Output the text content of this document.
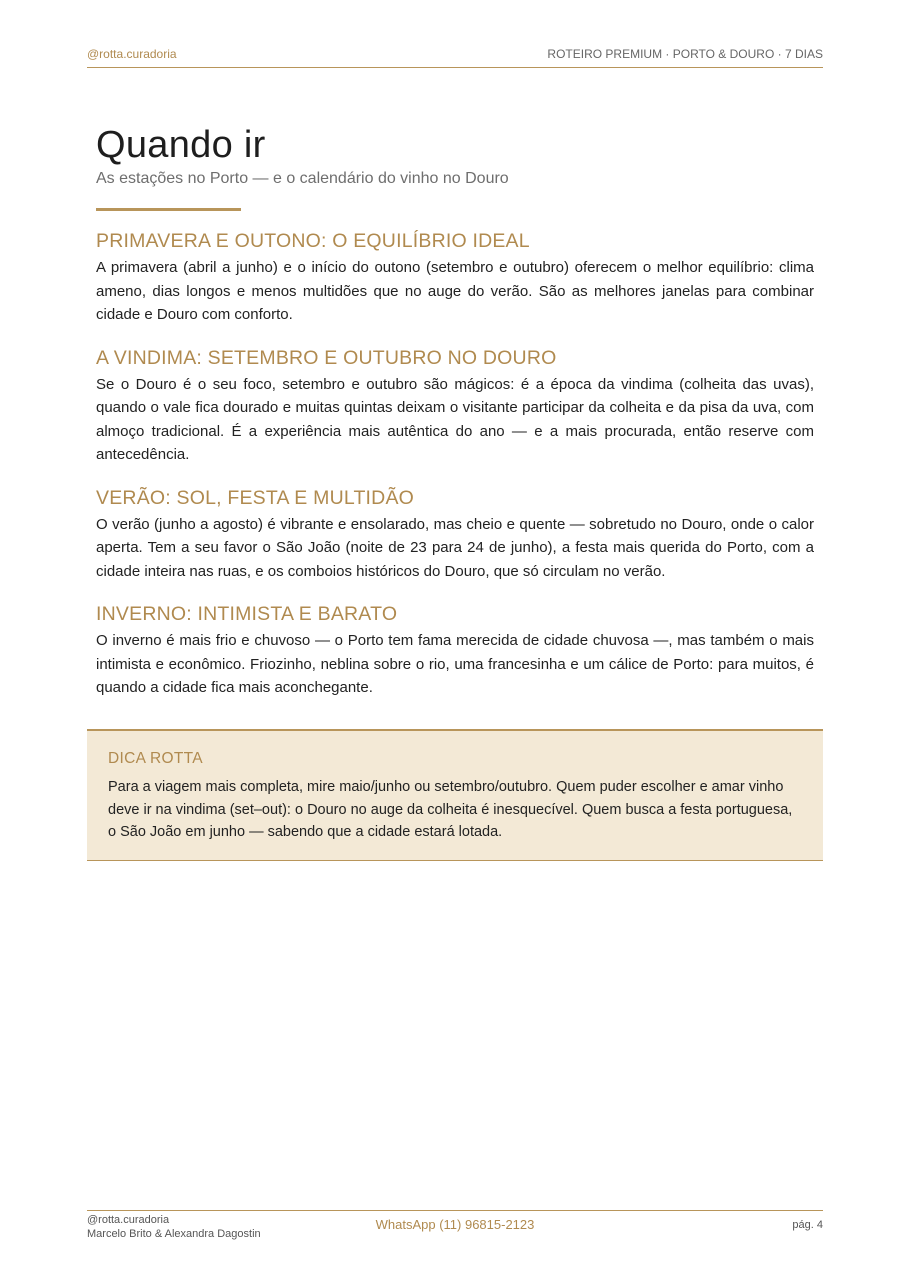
@rotta.curadoria	ROTEIRO PREMIUM · PORTO & DOURO · 7 DIAS
Quando ir
As estações no Porto — e o calendário do vinho no Douro
PRIMAVERA E OUTONO: O EQUILÍBRIO IDEAL

A primavera (abril a junho) e o início do outono (setembro e outubro) oferecem o melhor equilíbrio: clima ameno, dias longos e menos multidões que no auge do verão. São as melhores janelas para combinar cidade e Douro com conforto.

A VINDIMA: SETEMBRO E OUTUBRO NO DOURO

Se o Douro é o seu foco, setembro e outubro são mágicos: é a época da vindima (colheita das uvas), quando o vale fica dourado e muitas quintas deixam o visitante participar da colheita e da pisa da uva, com almoço tradicional. É a experiência mais autêntica do ano — e a mais procurada, então reserve com antecedência.

VERÃO: SOL, FESTA E MULTIDÃO

O verão (junho a agosto) é vibrante e ensolarado, mas cheio e quente — sobretudo no Douro, onde o calor aperta. Tem a seu favor o São João (noite de 23 para 24 de junho), a festa mais querida do Porto, com a cidade inteira nas ruas, e os comboios históricos do Douro, que só circulam no verão.

INVERNO: INTIMISTA E BARATO

O inverno é mais frio e chuvoso — o Porto tem fama merecida de cidade chuvosa —, mas também o mais intimista e econômico. Friozinho, neblina sobre o rio, uma francesinha e um cálice de Porto: para muitos, é quando a cidade fica mais aconchegante.

DICA ROTTA

Para a viagem mais completa, mire maio/junho ou setembro/outubro. Quem puder escolher e amar vinho deve ir na vindima (set–out): o Douro no auge da colheita é inesquecível. Quem busca a festa portuguesa, o São João em junho — sabendo que a cidade estará lotada.

@rotta.curadoria
Marcelo Brito & Alexandra Dagostin
WhatsApp (11) 96815-2123	pág. 4
